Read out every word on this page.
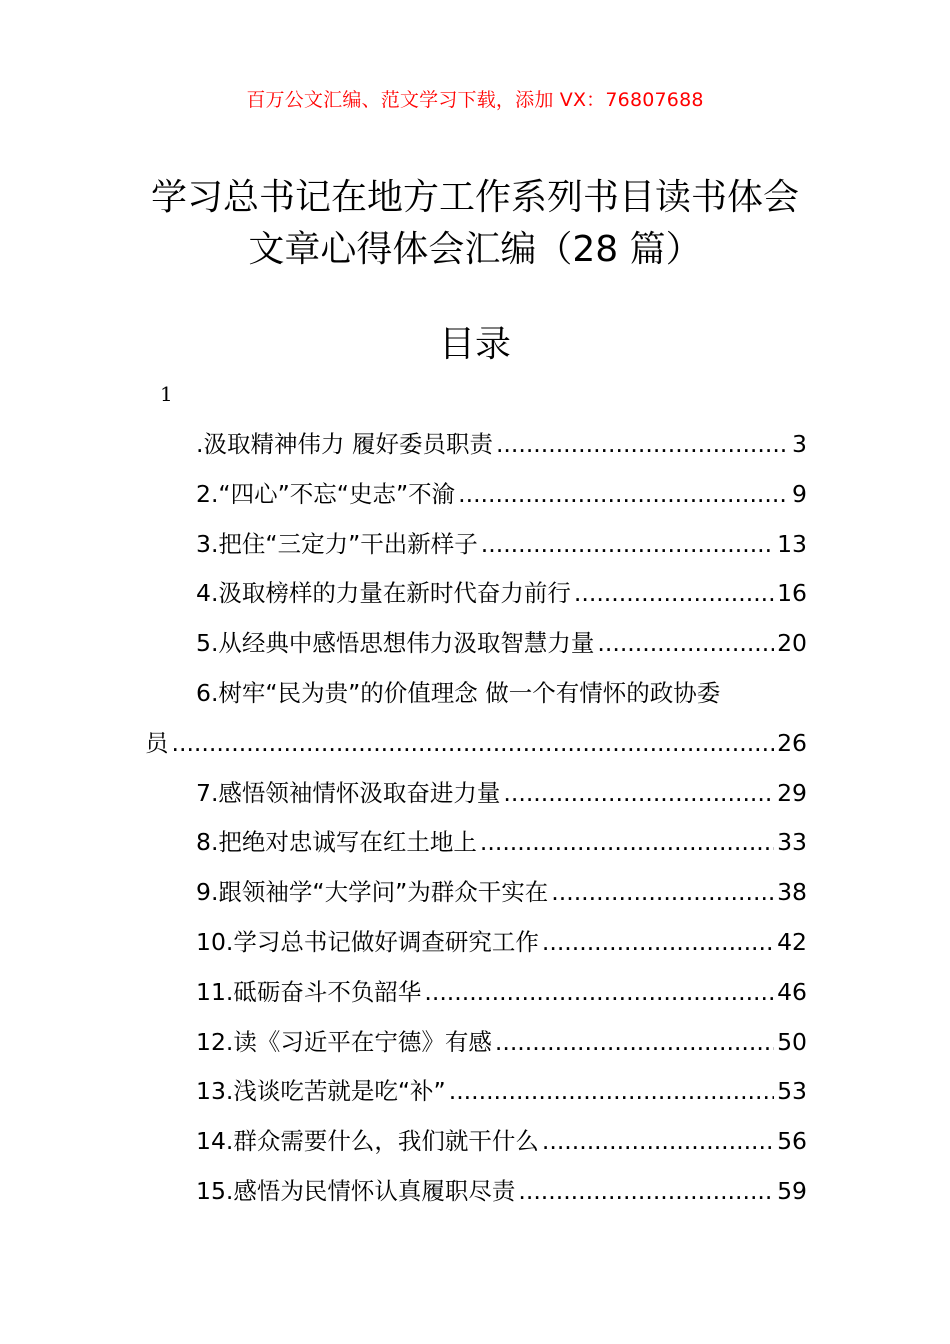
百万公文汇编、范文学习下载，添加 VX：76807688
学习总书记在地方工作系列书目读书体会
文章心得体会汇编（28 篇）
目录
1
.汲取精神伟力 履好委员职责 .....	3
2.“四心”不忘“史志”不渝 .....	9
3.把住“三定力”干出新样子 .....	13
4.汲取榜样的力量在新时代奋力前行 .....	16
5.从经典中感悟思想伟力汲取智慧力量 .....	20
6.树牢“民为贵”的价值理念 做一个有情怀的政协委
员 .....	26
7.感悟领袖情怀汲取奋进力量 .....	29
8.把绝对忠诚写在红土地上 .....	33
9.跟领袖学“大学问”为群众干实在 .....	38
10.学习总书记做好调查研究工作 .....	42
11.砥砺奋斗不负韶华 .....	46
12.读《习近平在宁德》有感 .....	50
13.浅谈吃苦就是吃“补” .....	53
14.群众需要什么，我们就干什么 .....	56
15.感悟为民情怀认真履职尽责 .....	59
